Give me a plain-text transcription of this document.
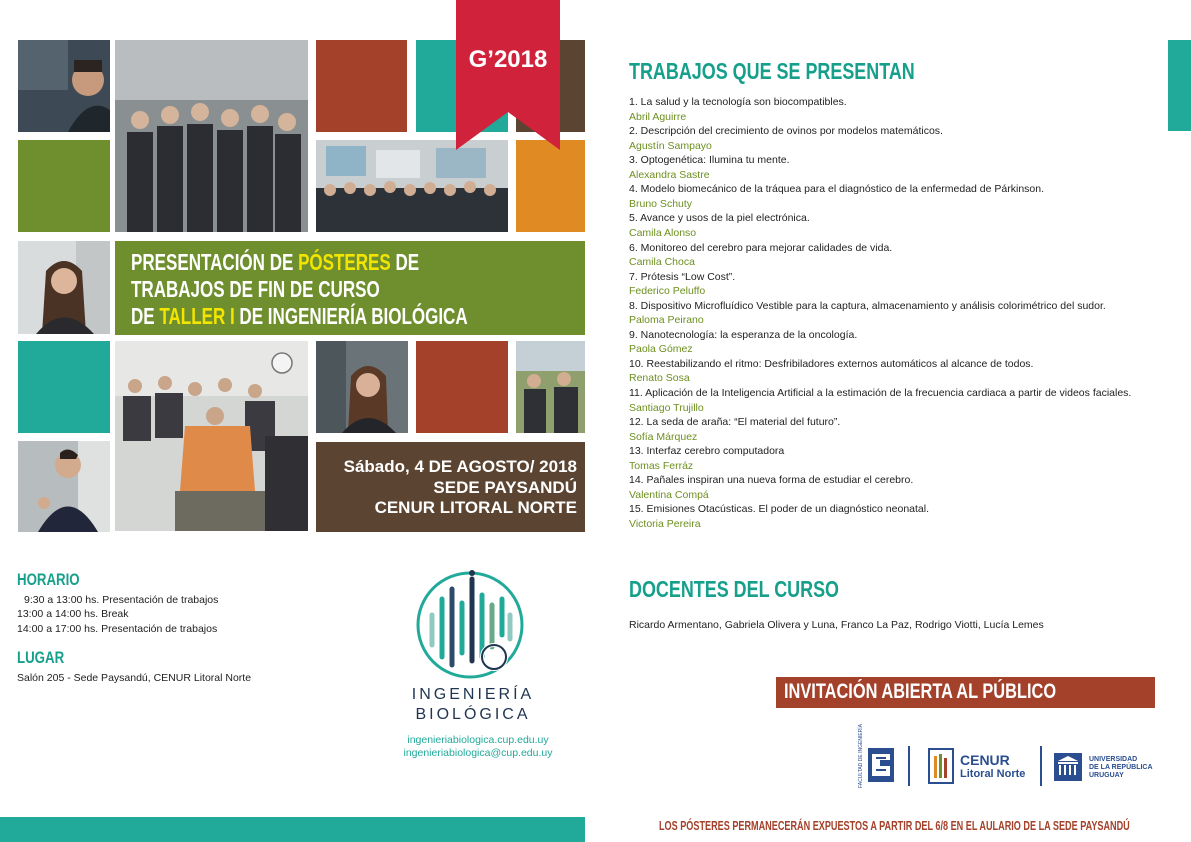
PRESENTACIÓN DE PÓSTERES DE
TRABAJOS DE FIN DE CURSO
DE TALLER I DE INGENIERÍA BIOLÓGICA
Sábado, 4 DE AGOSTO/ 2018
SEDE PAYSANDÚ
CENUR LITORAL NORTE
G’2018
HORARIO
9:30 a 13:00 hs. Presentación de trabajos
13:00 a 14:00 hs. Break
14:00 a 17:00 hs. Presentación de trabajos
LUGAR
Salón 205 - Sede Paysandú, CENUR Litoral Norte
INGENIERÍA
BIOLÓGICA
ingenieriabiologica.cup.edu.uy
ingenieriabiologica@cup.edu.uy
TRABAJOS QUE SE PRESENTAN
1. La salud y la tecnología son biocompatibles.
Abril Aguirre
2. Descripción del crecimiento de ovinos por modelos matemáticos.
Agustín Sampayo
3. Optogenética: Ilumina tu mente.
Alexandra Sastre
4. Modelo biomecánico de la tráquea para el diagnóstico de la enfermedad de Párkinson.
Bruno Schuty
5. Avance y usos de la piel electrónica.
Camila Alonso
6. Monitoreo del cerebro para mejorar calidades de vida.
Camila Choca
7. Prótesis “Low Cost”.
Federico Peluffo
8. Dispositivo Microfluídico Vestible para la captura, almacenamiento y análisis colorimétrico del sudor.
Paloma Peirano
9. Nanotecnología: la esperanza de la oncología.
Paola Gómez
10. Reestabilizando el ritmo: Desfribiladores externos automáticos al alcance de todos.
Renato Sosa
11. Aplicación de la Inteligencia Artificial a la estimación de la frecuencia cardiaca a partir de videos faciales.
Santiago Trujillo
12. La seda de araña: “El material del futuro”.
Sofía Márquez
13. Interfaz cerebro computadora
Tomas Ferráz
14. Pañales inspiran una nueva forma de estudiar el cerebro.
Valentina Compá
15. Emisiones Otacústicas. El poder de un diagnóstico neonatal.
Victoria Pereira
DOCENTES DEL CURSO
Ricardo Armentano, Gabriela Olivera y Luna, Franco La Paz, Rodrigo Viotti, Lucía Lemes
INVITACIÓN ABIERTA AL PÚBLICO
FACULTAD DE INGENIERÍA	CENUR
Litoral Norte
UNIVERSIDAD
DE LA REPÚBLICA
URUGUAY
LOS PÓSTERES PERMANECERÁN EXPUESTOS A PARTIR DEL 6/8 EN EL AULARIO DE LA SEDE PAYSANDÚ
